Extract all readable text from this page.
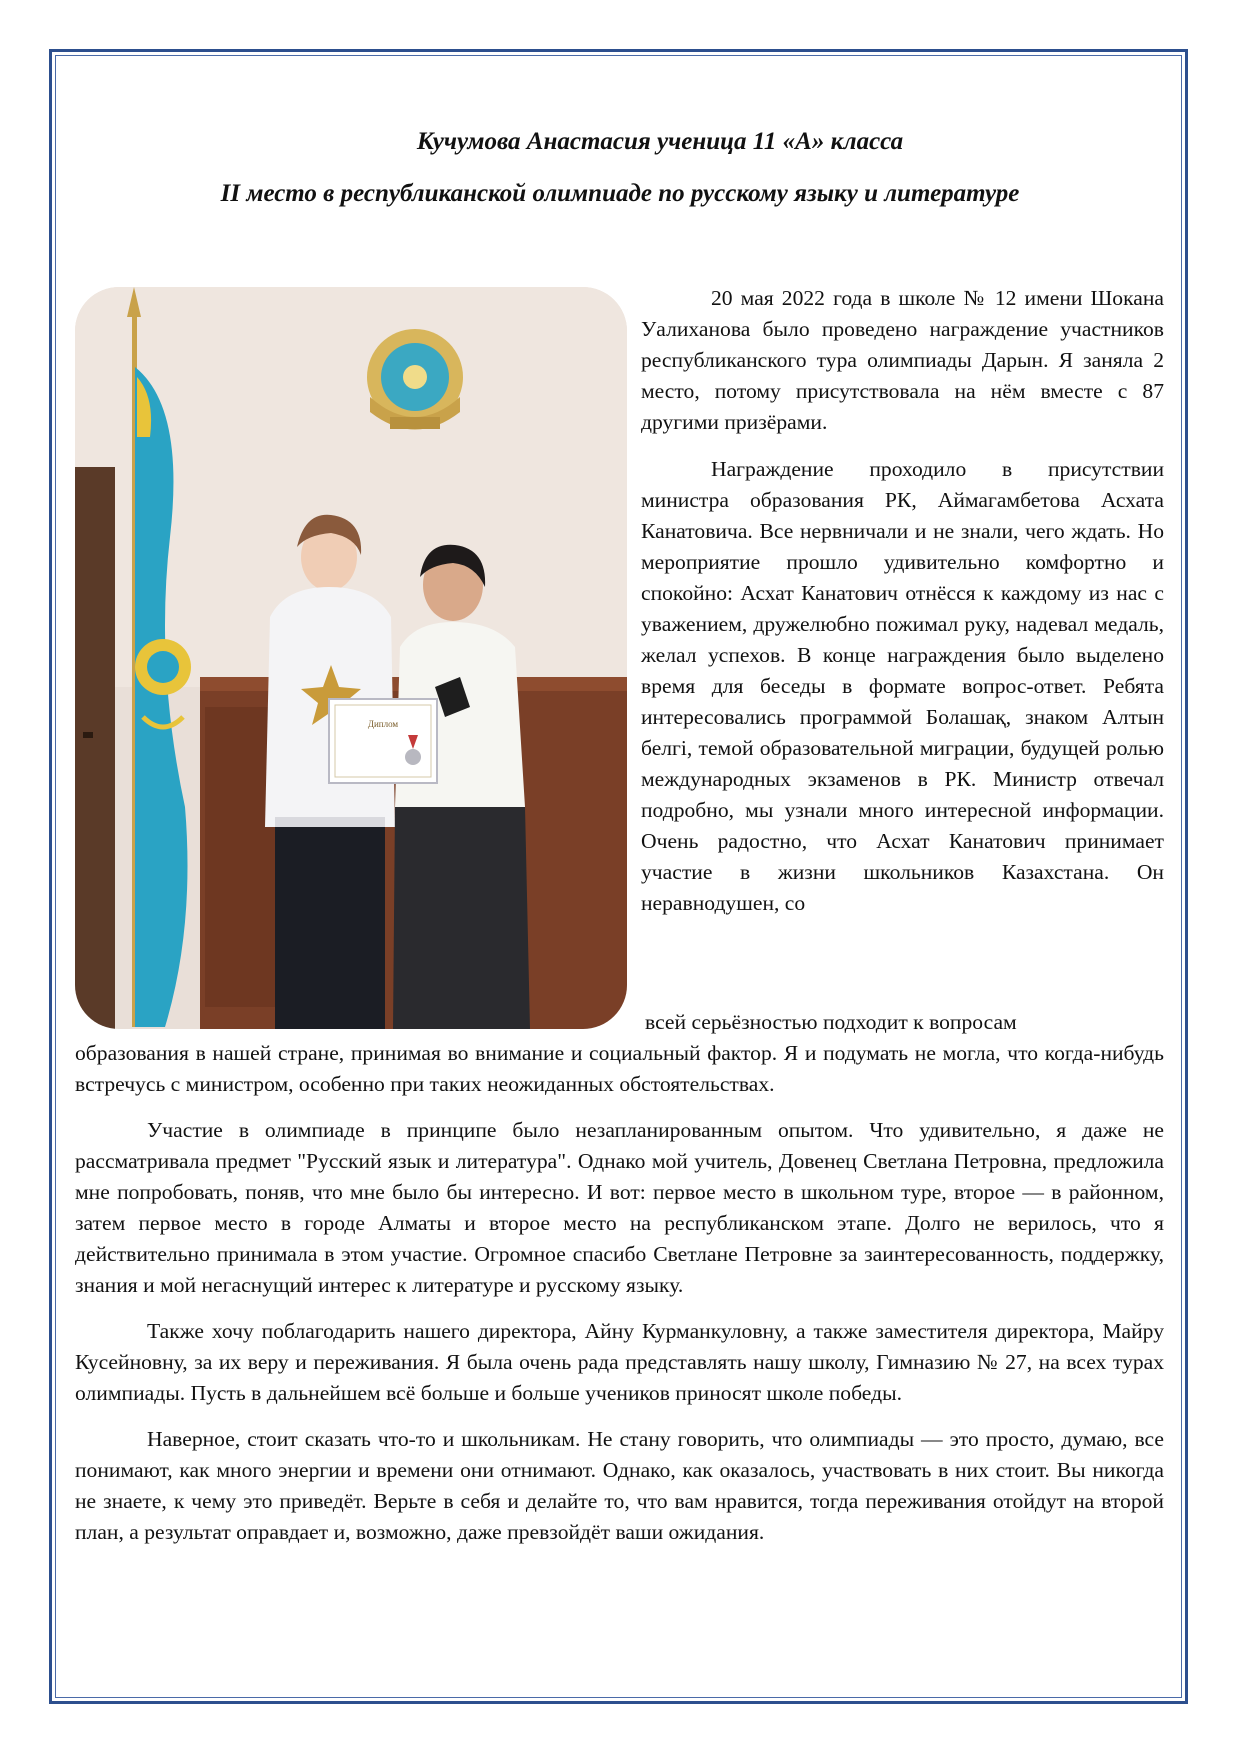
Кучумова Анастасия ученица 11 «А» класса
II место в республиканской олимпиаде по русскому языку и литературе
Диплом

20 мая 2022 года в школе № 12 имени Шокана Уалиханова было проведено награждение участников республиканского тура олимпиады Дарын. Я заняла 2 место, потому присутствовала на нём вместе с 87 другими призёрами.

Награждение проходило в присутствии министра образования РК, Аймагамбетова Асхата Канатовича. Все нервничали и не знали, чего ждать. Но мероприятие прошло удивительно комфортно и спокойно: Асхат Канатович отнёсся к каждому из нас с уважением, дружелюбно пожимал руку, надевал медаль, желал успехов. В конце награждения было выделено время для беседы в формате вопрос-ответ. Ребята интересовались программой Болашақ, знаком Алтын белгі, темой образовательной миграции, будущей ролью международных экзаменов в РК. Министр отвечал подробно, мы узнали много интересной информации. Очень радостно, что Асхат Канатович принимает участие в жизни школьников Казахстана. Он неравнодушен, со

всей серьёзностью подходит к вопросам

образования в нашей стране, принимая во внимание и социальный фактор. Я и подумать не могла, что когда-нибудь встречусь с министром, особенно при таких неожиданных обстоятельствах.

Участие в олимпиаде в принципе было незапланированным опытом. Что удивительно, я даже не рассматривала предмет "Русский язык и литература". Однако мой учитель, Довенец Светлана Петровна, предложила мне попробовать, поняв, что мне было бы интересно. И вот: первое место в школьном туре, второе — в районном, затем первое место в городе Алматы и второе место на республиканском этапе. Долго не верилось, что я действительно принимала в этом участие. Огромное спасибо Светлане Петровне за заинтересованность, поддержку, знания и мой негаснущий интерес к литературе и русскому языку.

Также хочу поблагодарить нашего директора, Айну Курманкуловну, а также заместителя директора, Майру Кусейновну, за их веру и переживания. Я была очень рада представлять нашу школу, Гимназию № 27, на всех турах олимпиады. Пусть в дальнейшем всё больше и больше учеников приносят школе победы.

Наверное, стоит сказать что-то и школьникам. Не стану говорить, что олимпиады — это просто, думаю, все понимают, как много энергии и времени они отнимают. Однако, как оказалось, участвовать в них стоит. Вы никогда не знаете, к чему это приведёт. Верьте в себя и делайте то, что вам нравится, тогда переживания отойдут на второй план, а результат оправдает и, возможно, даже превзойдёт ваши ожидания.
